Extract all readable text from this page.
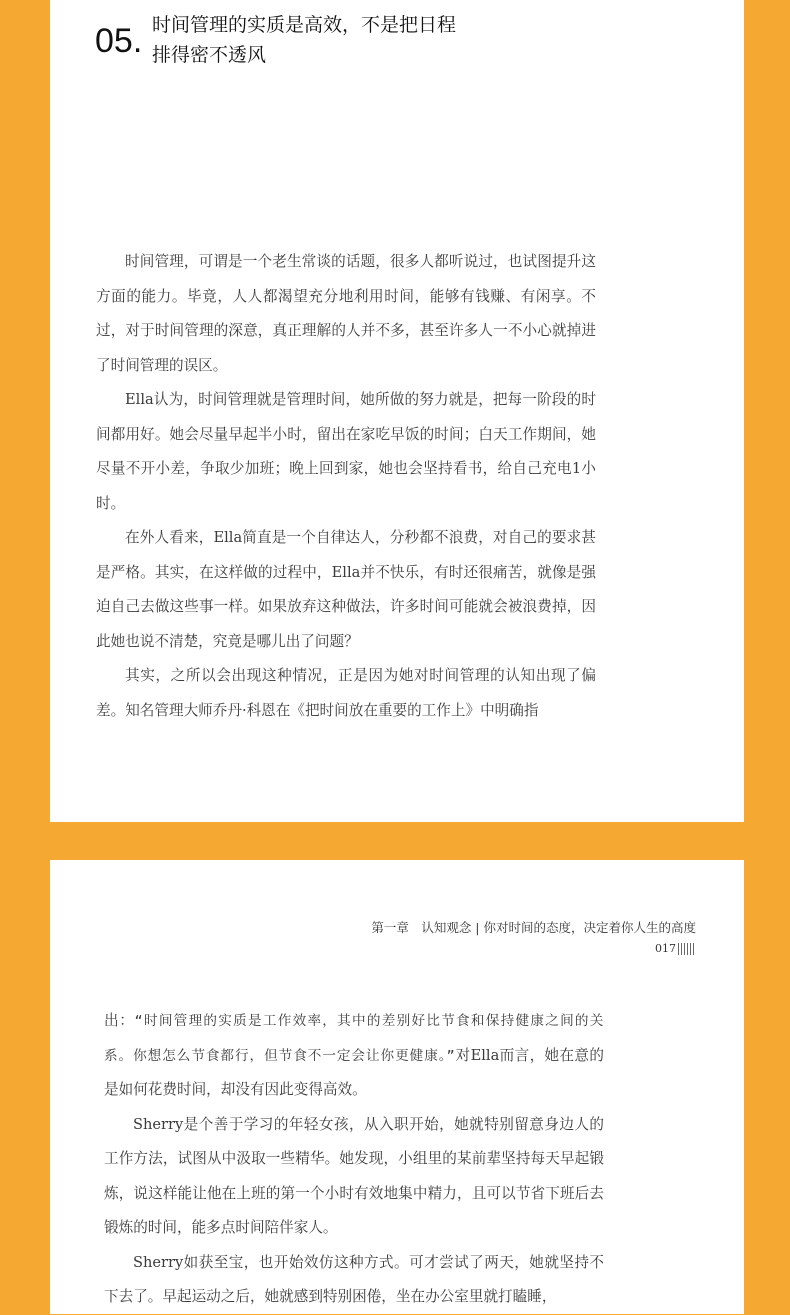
05. 时间管理的实质是高效，不是把日程排得密不透风

时间管理，可谓是一个老生常谈的话题，很多人都听说过，也试图提升这方面的能力。毕竟，人人都渴望充分地利用时间，能够有钱赚、有闲享。不过，对于时间管理的深意，真正理解的人并不多，甚至许多人一不小心就掉进了时间管理的误区。

Ella认为，时间管理就是管理时间，她所做的努力就是，把每一阶段的时间都用好。她会尽量早起半小时，留出在家吃早饭的时间；白天工作期间，她尽量不开小差，争取少加班；晚上回到家，她也会坚持看书，给自己充电1小时。

在外人看来，Ella简直是一个自律达人，分秒都不浪费，对自己的要求甚是严格。其实，在这样做的过程中，Ella并不快乐，有时还很痛苦，就像是强迫自己去做这些事一样。如果放弃这种做法，许多时间可能就会被浪费掉，因此她也说不清楚，究竟是哪儿出了问题？

其实，之所以会出现这种情况，正是因为她对时间管理的认知出现了偏差。知名管理大师乔丹·科恩在《把时间放在重要的工作上》中明确指

第一章　认知观念 | 你对时间的态度，决定着你人生的高度
017

出：“时间管理的实质是工作效率，其中的差别好比节食和保持健康之间的关系。你想怎么节食都行，但节食不一定会让你更健康。”对Ella而言，她在意的是如何花费时间，却没有因此变得高效。

Sherry是个善于学习的年轻女孩，从入职开始，她就特别留意身边人的工作方法，试图从中汲取一些精华。她发现，小组里的某前辈坚持每天早起锻炼，说这样能让他在上班的第一个小时有效地集中精力，且可以节省下班后去锻炼的时间，能多点时间陪伴家人。

Sherry如获至宝，也开始效仿这种方式。可才尝试了两天，她就坚持不下去了。早起运动之后，她就感到特别困倦，坐在办公室里就打瞌睡，
